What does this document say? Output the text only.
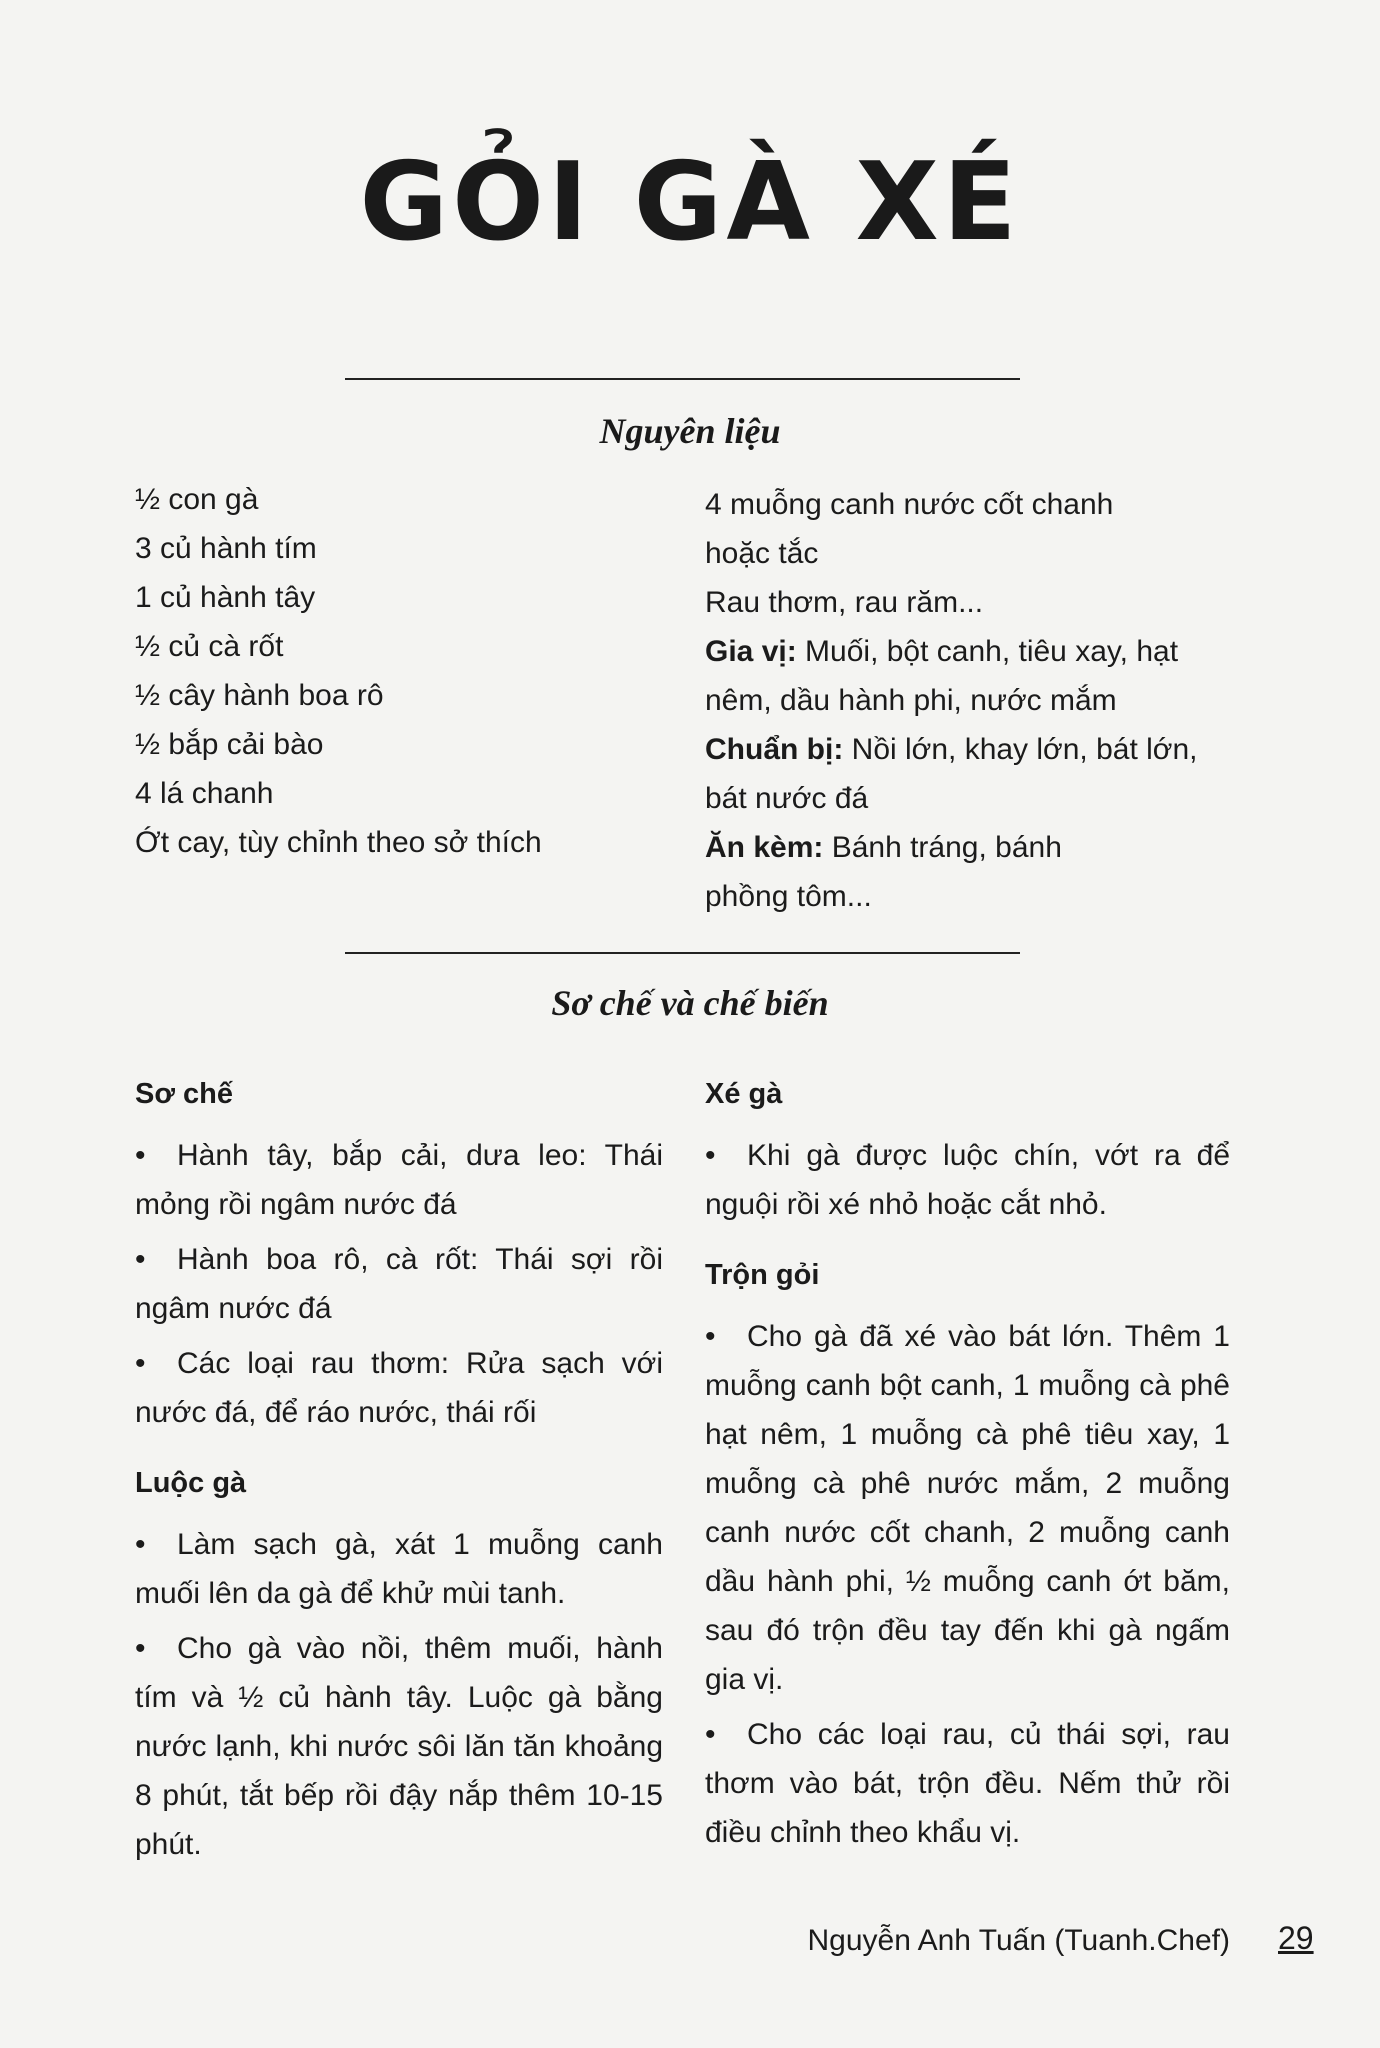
GỎI GÀ XÉ
Nguyên liệu
½ con gà
3 củ hành tím
1 củ hành tây
½ củ cà rốt
½ cây hành boa rô
½ bắp cải bào
4 lá chanh
Ớt cay, tùy chỉnh theo sở thích
4 muỗng canh nước cốt chanh
hoặc tắc
Rau thơm, rau răm...
Gia vị: Muối, bột canh, tiêu xay, hạt
nêm, dầu hành phi, nước mắm
Chuẩn bị: Nồi lớn, khay lớn, bát lớn,
bát nước đá
Ăn kèm: Bánh tráng, bánh
phồng tôm...
Sơ chế và chế biến
Sơ chế
• Hành tây, bắp cải, dưa leo: Thái mỏng rồi ngâm nước đá
• Hành boa rô, cà rốt: Thái sợi rồi ngâm nước đá
• Các loại rau thơm: Rửa sạch với nước đá, để ráo nước, thái rối
Luộc gà
• Làm sạch gà, xát 1 muỗng canh muối lên da gà để khử mùi tanh.
• Cho gà vào nồi, thêm muối, hành tím và ½ củ hành tây. Luộc gà bằng nước lạnh, khi nước sôi lăn tăn khoảng 8 phút, tắt bếp rồi đậy nắp thêm 10-15 phút.
Xé gà
• Khi gà được luộc chín, vớt ra để nguội rồi xé nhỏ hoặc cắt nhỏ.
Trộn gỏi
• Cho gà đã xé vào bát lớn. Thêm 1 muỗng canh bột canh, 1 muỗng cà phê hạt nêm, 1 muỗng cà phê tiêu xay, 1 muỗng cà phê nước mắm, 2 muỗng canh nước cốt chanh, 2 muỗng canh dầu hành phi, ½ muỗng canh ớt băm, sau đó trộn đều tay đến khi gà ngấm gia vị.
• Cho các loại rau, củ thái sợi, rau thơm vào bát, trộn đều. Nếm thử rồi điều chỉnh theo khẩu vị.
Nguyễn Anh Tuấn (Tuanh.Chef) 29
